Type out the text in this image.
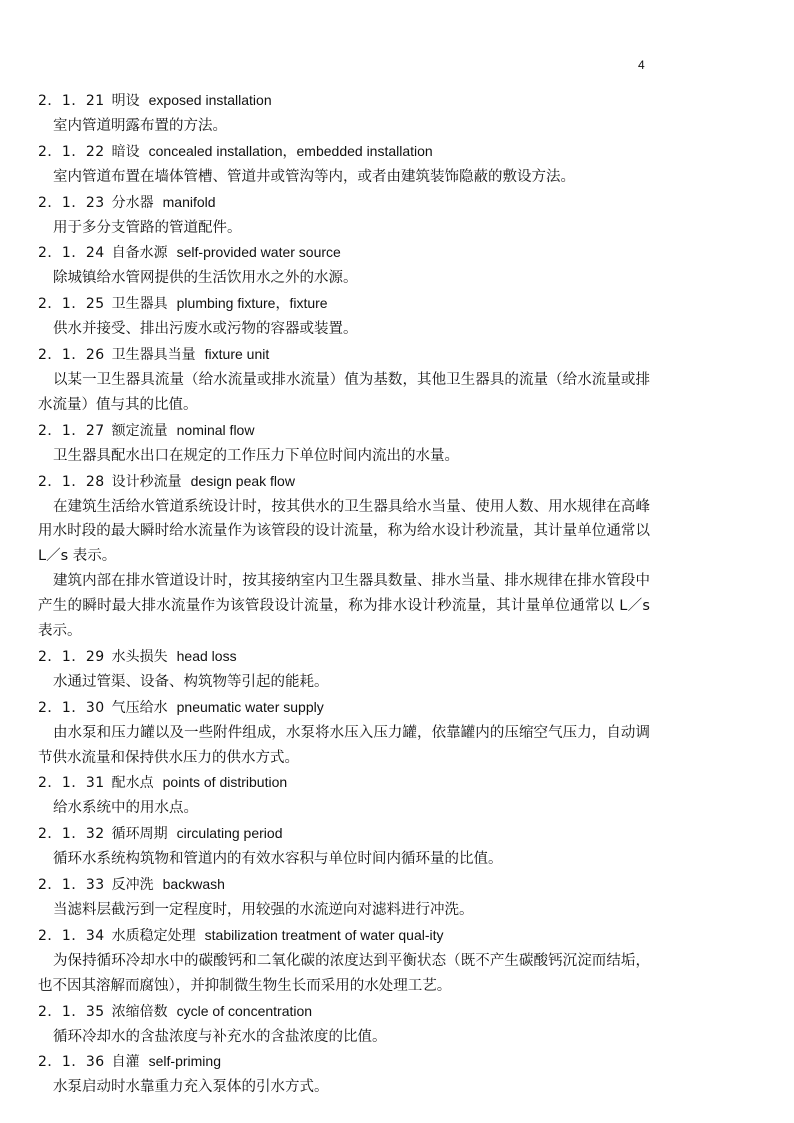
4
2．1．21 明设 exposed installation
室内管道明露布置的方法。
2．1．22 暗设 concealed installation，embedded installation
室内管道布置在墙体管槽、管道井或管沟等内，或者由建筑装饰隐蔽的敷设方法。
2．1．23 分水器 manifold
用于多分支管路的管道配件。
2．1．24 自备水源 self-provided water source
除城镇给水管网提供的生活饮用水之外的水源。
2．1．25 卫生器具 plumbing fixture，fixture
供水并接受、排出污废水或污物的容器或装置。
2．1．26 卫生器具当量 fixture unit
以某一卫生器具流量（给水流量或排水流量）值为基数，其他卫生器具的流量（给水流量或排水流量）值与其的比值。
2．1．27 额定流量 nominal flow
卫生器具配水出口在规定的工作压力下单位时间内流出的水量。
2．1．28 设计秒流量 design peak flow
在建筑生活给水管道系统设计时，按其供水的卫生器具给水当量、使用人数、用水规律在高峰用水时段的最大瞬时给水流量作为该管段的设计流量，称为给水设计秒流量，其计量单位通常以 L／s 表示。
建筑内部在排水管道设计时，按其接纳室内卫生器具数量、排水当量、排水规律在排水管段中产生的瞬时最大排水流量作为该管段设计流量，称为排水设计秒流量，其计量单位通常以 L／s 表示。
2．1．29 水头损失 head loss
水通过管渠、设备、构筑物等引起的能耗。
2．1．30 气压给水 pneumatic water supply
由水泵和压力罐以及一些附件组成，水泵将水压入压力罐，依靠罐内的压缩空气压力，自动调节供水流量和保持供水压力的供水方式。
2．1．31 配水点 points of distribution
给水系统中的用水点。
2．1．32 循环周期 circulating period
循环水系统构筑物和管道内的有效水容积与单位时间内循环量的比值。
2．1．33 反冲洗 backwash
当滤料层截污到一定程度时，用较强的水流逆向对滤料进行冲洗。
2．1．34 水质稳定处理 stabilization treatment of water qual-ity
为保持循环冷却水中的碳酸钙和二氧化碳的浓度达到平衡状态（既不产生碳酸钙沉淀而结垢，也不因其溶解而腐蚀），并抑制微生物生长而采用的水处理工艺。
2．1．35 浓缩倍数 cycle of concentration
循环冷却水的含盐浓度与补充水的含盐浓度的比值。
2．1．36 自灌 self-priming
水泵启动时水靠重力充入泵体的引水方式。
